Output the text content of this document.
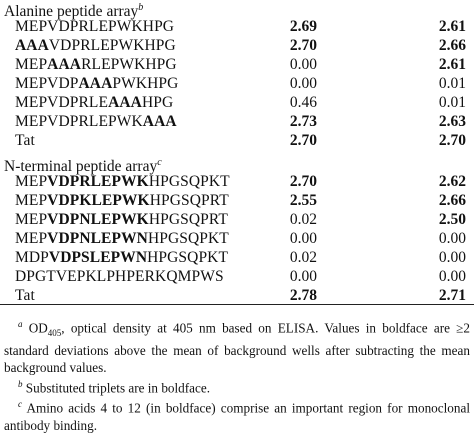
Alanine peptide array$^b$
MEPVDPRLEPWKHPG	2.69	2.61
AAAVDPRLEPWKHPG	2.70	2.66
MEPAAARLEPWKHPG	0.00	2.61
MEPVDPAAAPWKHPG	0.00	0.01
MEPVDPRLEAAAHPG	0.46	0.01
MEPVDPRLEPWKAAA	2.73	2.63
Tat	2.70	2.70
N-terminal peptide array$^c$
MEPVDPRLEPWKHPGSQPKT	2.70	2.62
MEPVDPKLEPWKHPGSQPRT	2.55	2.66
MEPVDPNLEPWKHPGSQPRT	0.02	2.50
MEPVDPNLEPWNHPGSQPKT	0.00	0.00
MDPVDPSLEPWNHPGSQPKT	0.02	0.00
DPGTVEPKLPHPERKQMPWS	0.00	0.00
Tat	2.78	2.71
$^a$ $OD_{405}$, optical density at 405 nm based on ELISA. Values in boldface are ≥2 standard deviations above the mean of background wells after subtracting the mean background values.
$^b$ Substituted triplets are in boldface.
$^c$ Amino acids 4 to 12 (in boldface) comprise an important region for monoclonal antibody binding.
